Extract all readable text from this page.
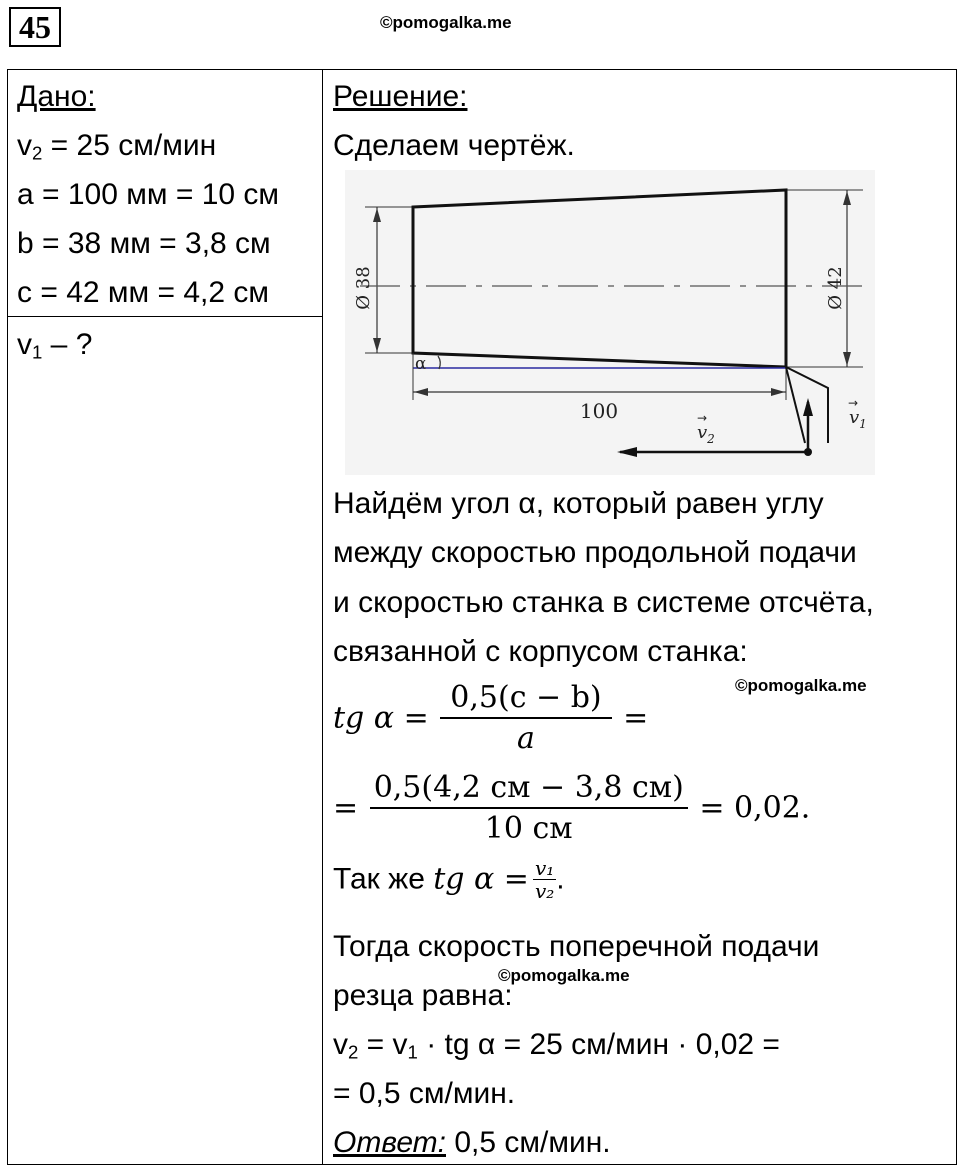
45	©pomogalka.me
Дано:
$v_2 = 25$ см/мин
a = 100 мм = 10 см
b = 38 мм = 3,8 см
c = 42 мм = 4,2 см
$v_1$ – ?
Решение:
Сделаем чертёж.
Ø 38	Ø 42
100
α
$v_2$
→	$v_1$
→
Найдём угол α, который равен углу
между скоростью продольной подачи
и скоростью станка в системе отсчёта,
связанной с корпусом станка:
©pomogalka.me
tg $\alpha = \frac{0,5(c - b)}{a}$ =
= $\frac{0,5(4,2 см - 3,8 см)}{10 см} = 0,02$.
Так же tg $\alpha = \frac{\text{v₁}}{\text{v₂}}$ .
Тогда скорость поперечной подачи
резца равна:
©pomogalka.me
$v_2 = v_1$ · tg α = 25 см/мин · 0,02 =
= 0,5 см/мин.
Ответ: 0,5 см/мин.
